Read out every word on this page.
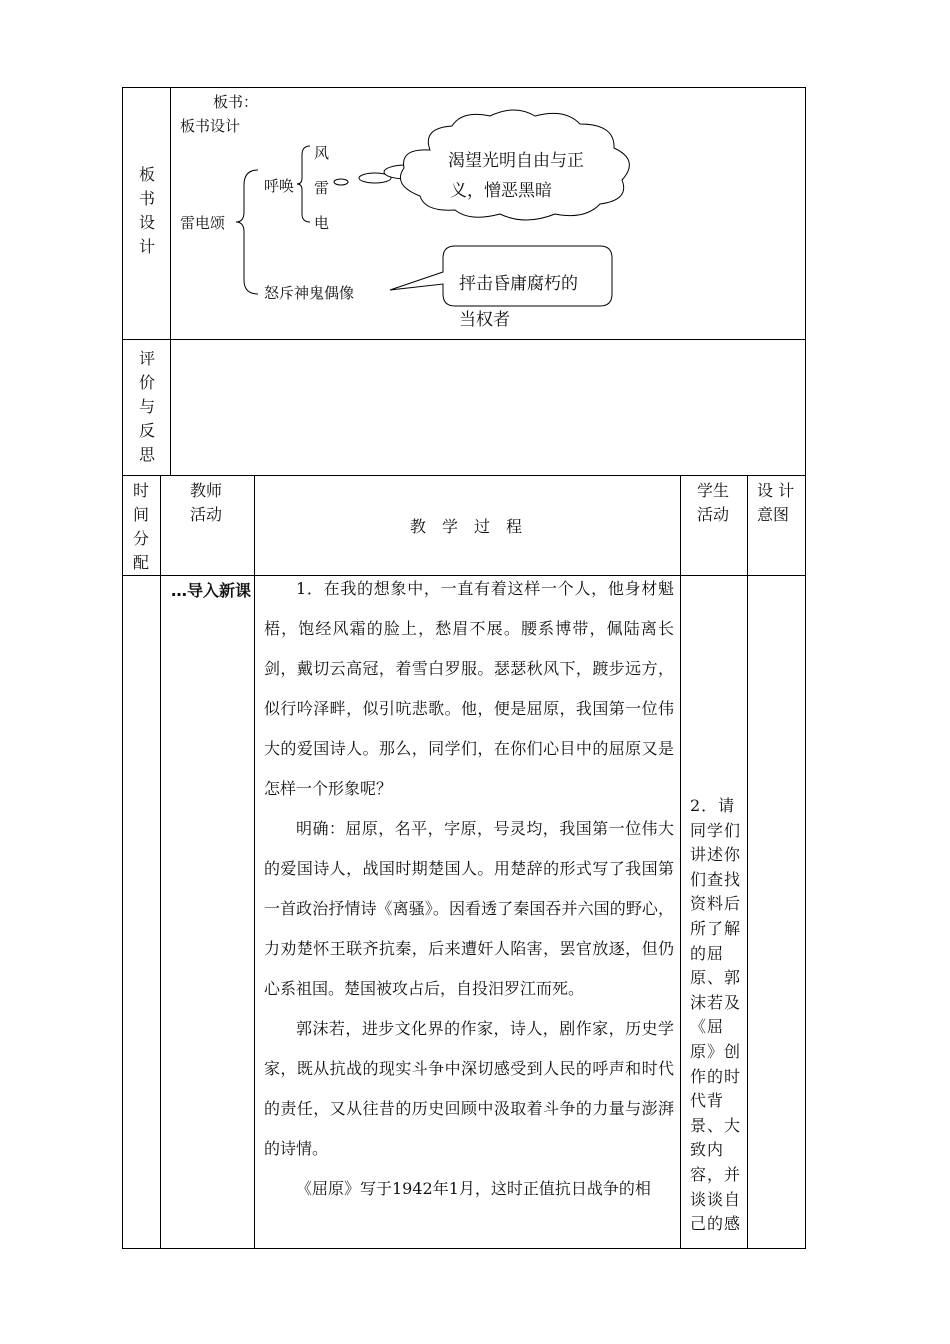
板
书
设
计
板书：
板书设计
雷电颂
呼唤
风
雷
电
怒斥神鬼偶像
渴望光明自由与正
义，憎恶黑暗
抨击昏庸腐朽的
当权者
评
价
与
反
思
时
间
分
配
教师
活动
教　学　过　程
学生
活动
设 计
意图
…导入新课	1．在我的想象中，一直有着这样一个人，他身材魁梧，饱经风霜的脸上，愁眉不展。腰系博带，佩陆离长剑，戴切云高冠，着雪白罗服。瑟瑟秋风下，踱步远方，似行吟泽畔，似引吭悲歌。他，便是屈原，我国第一位伟大的爱国诗人。那么，同学们，在你们心目中的屈原又是怎样一个形象呢？

明确：屈原，名平，字原，号灵均，我国第一位伟大的爱国诗人，战国时期楚国人。用楚辞的形式写了我国第一首政治抒情诗《离骚》。因看透了秦国吞并六国的野心，力劝楚怀王联齐抗秦，后来遭奸人陷害，罢官放逐，但仍心系祖国。楚国被攻占后，自投汨罗江而死。

郭沫若，进步文化界的作家，诗人，剧作家，历史学家，既从抗战的现实斗争中深切感受到人民的呼声和时代的责任，又从往昔的历史回顾中汲取着斗争的力量与澎湃的诗情。

《屈原》写于1942年1月，这时正值抗日战争的相

2．请同学们讲述你们查找资料后所了解的屈原、郭沫若及《屈原》创作的时代背景、大致内容，并谈谈自己的感
